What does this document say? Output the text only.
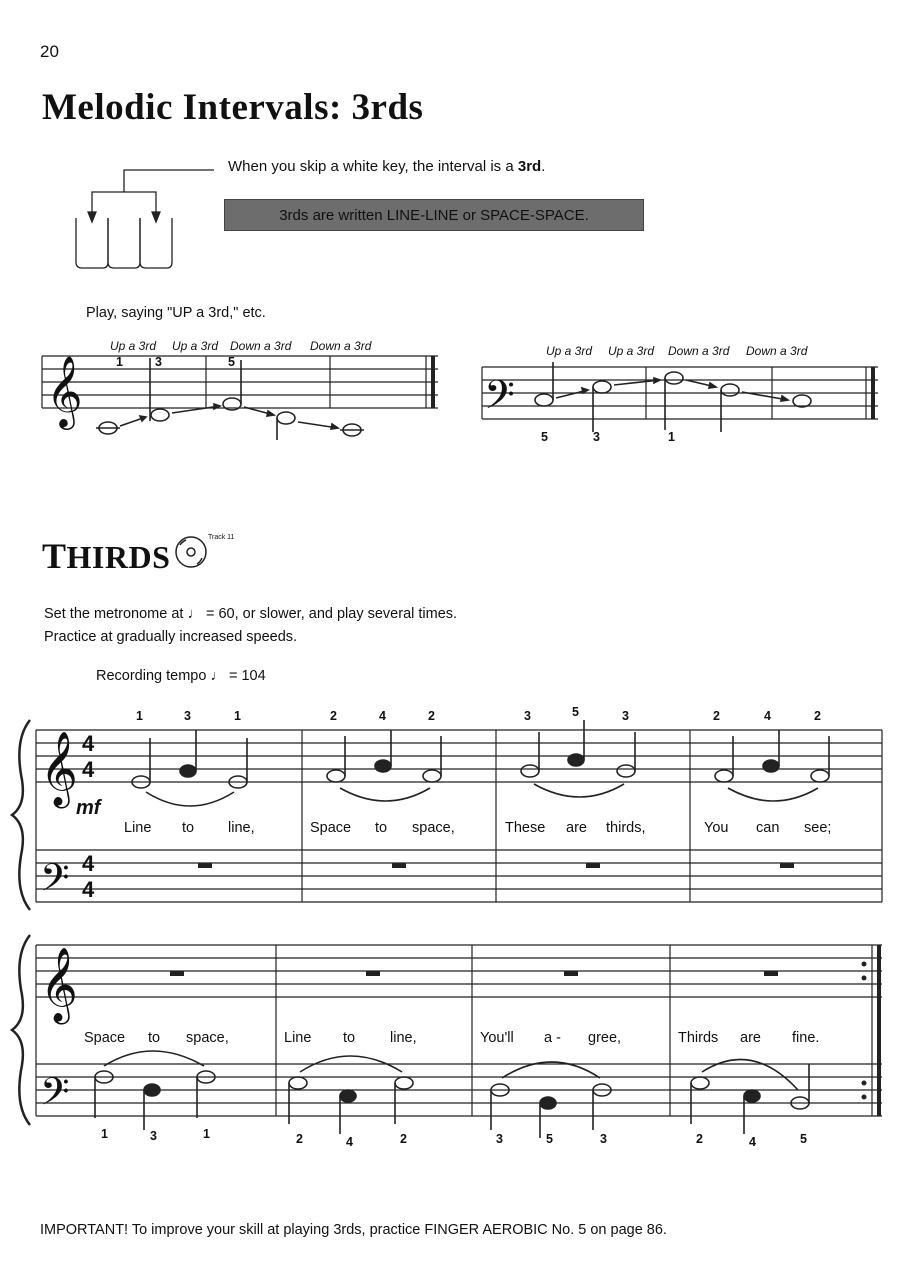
20
Melodic Intervals: 3rds
When you skip a white key, the interval is a 3rd.
3rds are written LINE-LINE or SPACE-SPACE.
Play, saying "UP a 3rd," etc.
THIRDS
Track 11
Set the metronome at ♩ = 60, or slower, and play several times.
Practice at gradually increased speeds.
Recording tempo ♩ = 104
IMPORTANT! To improve your skill at playing 3rds, practice FINGER AEROBIC No. 5 on page 86.
𝄞
Up a 3rd Up a 3rd Down a 3rd Down a 3rd
1	3	5
𝄢
Up a 3rd Up a 3rd Down a 3rd Down a 3rd
5	3	1
𝄞
𝄢
4
4
4
4
mf
1	3	1	2	4	2	3	5	3	2	4	2
Line to line,	Space to space,	These are thirds,	You can see;
𝄞
𝄢
Space to space,	Line to line,	You'll a - gree,	Thirds are fine.
1	3	1	2	4	2	3	5	3	2	4	5
